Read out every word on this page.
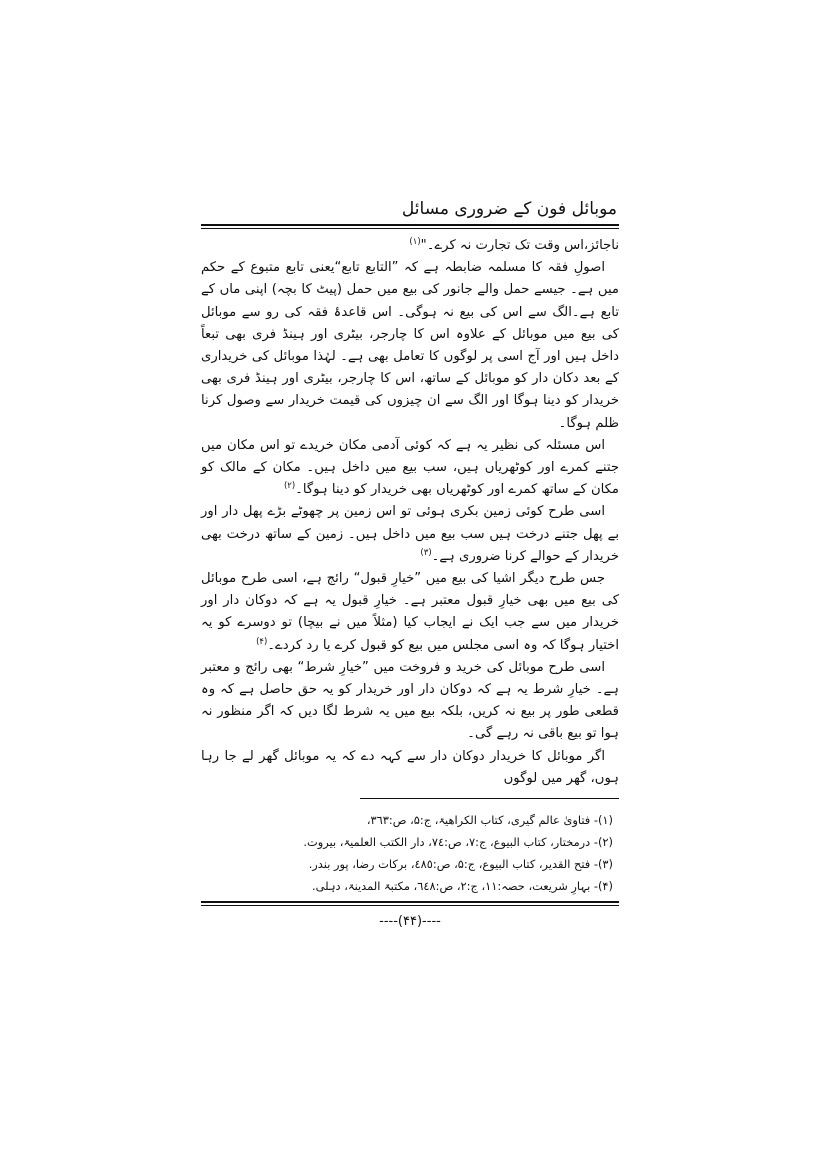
موبائل فون کے ضروری مسائل

ناجائز،اس وقت تک تجارت نہ کرے۔"$^{(۱)}$

اصولِ فقہ کا مسلمہ ضابطہ ہے کہ ”التابع تابع“یعنی تابع متبوع کے حکم میں ہے۔ جیسے حمل والے جانور کی بیع میں حمل (پیٹ کا بچہ) اپنی ماں کے تابع ہے۔الگ سے اس کی بیع نہ ہوگی۔ اس قاعدۂ فقہ کی رو سے موبائل کی بیع میں موبائل کے علاوہ اس کا چارجر، بیٹری اور ہینڈ فری بھی تبعاً داخل ہیں اور آج اسی پر لوگوں کا تعامل بھی ہے۔ لہٰذا موبائل کی خریداری کے بعد دکان دار کو موبائل کے ساتھ، اس کا چارجر، بیٹری اور ہینڈ فری بھی خریدار کو دینا ہوگا اور الگ سے ان چیزوں کی قیمت خریدار سے وصول کرنا ظلم ہوگا۔

اس مسئلہ کی نظیر یہ ہے کہ کوئی آدمی مکان خریدے تو اس مکان میں جتنے کمرے اور کوٹھریاں ہیں، سب بیع میں داخل ہیں۔ مکان کے مالک کو مکان کے ساتھ کمرے اور کوٹھریاں بھی خریدار کو دینا ہوگا۔$^{(۲)}$

اسی طرح کوئی زمین بکری ہوئی تو اس زمین پر چھوٹے بڑے پھل دار اور بے پھل جتنے درخت ہیں سب بیع میں داخل ہیں۔ زمین کے ساتھ درخت بھی خریدار کے حوالے کرنا ضروری ہے۔$^{(۳)}$

جس طرح دیگر اشیا کی بیع میں ”خیارِ قبول“ رائج ہے، اسی طرح موبائل کی بیع میں بھی خیارِ قبول معتبر ہے۔ خیارِ قبول یہ ہے کہ دوکان دار اور خریدار میں سے جب ایک نے ایجاب کیا (مثلاً میں نے بیچا) تو دوسرے کو یہ اختیار ہوگا کہ وہ اسی مجلس میں بیع کو قبول کرے یا رد کردے۔$^{(۴)}$

اسی طرح موبائل کی خرید و فروخت میں ”خیارِ شرط“ بھی رائج و معتبر ہے۔ خیارِ شرط یہ ہے کہ دوکان دار اور خریدار کو یہ حق حاصل ہے کہ وہ قطعی طور پر بیع نہ کریں، بلکہ بیع میں یہ شرط لگا دیں کہ اگر منظور نہ ہوا تو بیع باقی نہ رہے گی۔

اگر موبائل کا خریدار دوکان دار سے کہہ دے کہ یہ موبائل گھر لے جا رہا ہوں، گھر میں لوگوں

(۱)- فتاویٰ عالم گیری، کتاب الکراھیۃ، ج:۵، ص:٣٦٣،
(۲)- درمختار، کتاب البیوع، ج:۷، ص:٧٤، دار الکتب العلمیۃ، بیروت.
(۳)- فتح القدیر، کتاب البیوع، ج:۵، ص:٤٨٥، برکات رضا، پور بندر.
(۴)- بہارِ شریعت، حصہ:١١، ج:٢، ص:٦٤٨، مکتبۃ المدینۃ، دہلی.
----(۴۴)----
